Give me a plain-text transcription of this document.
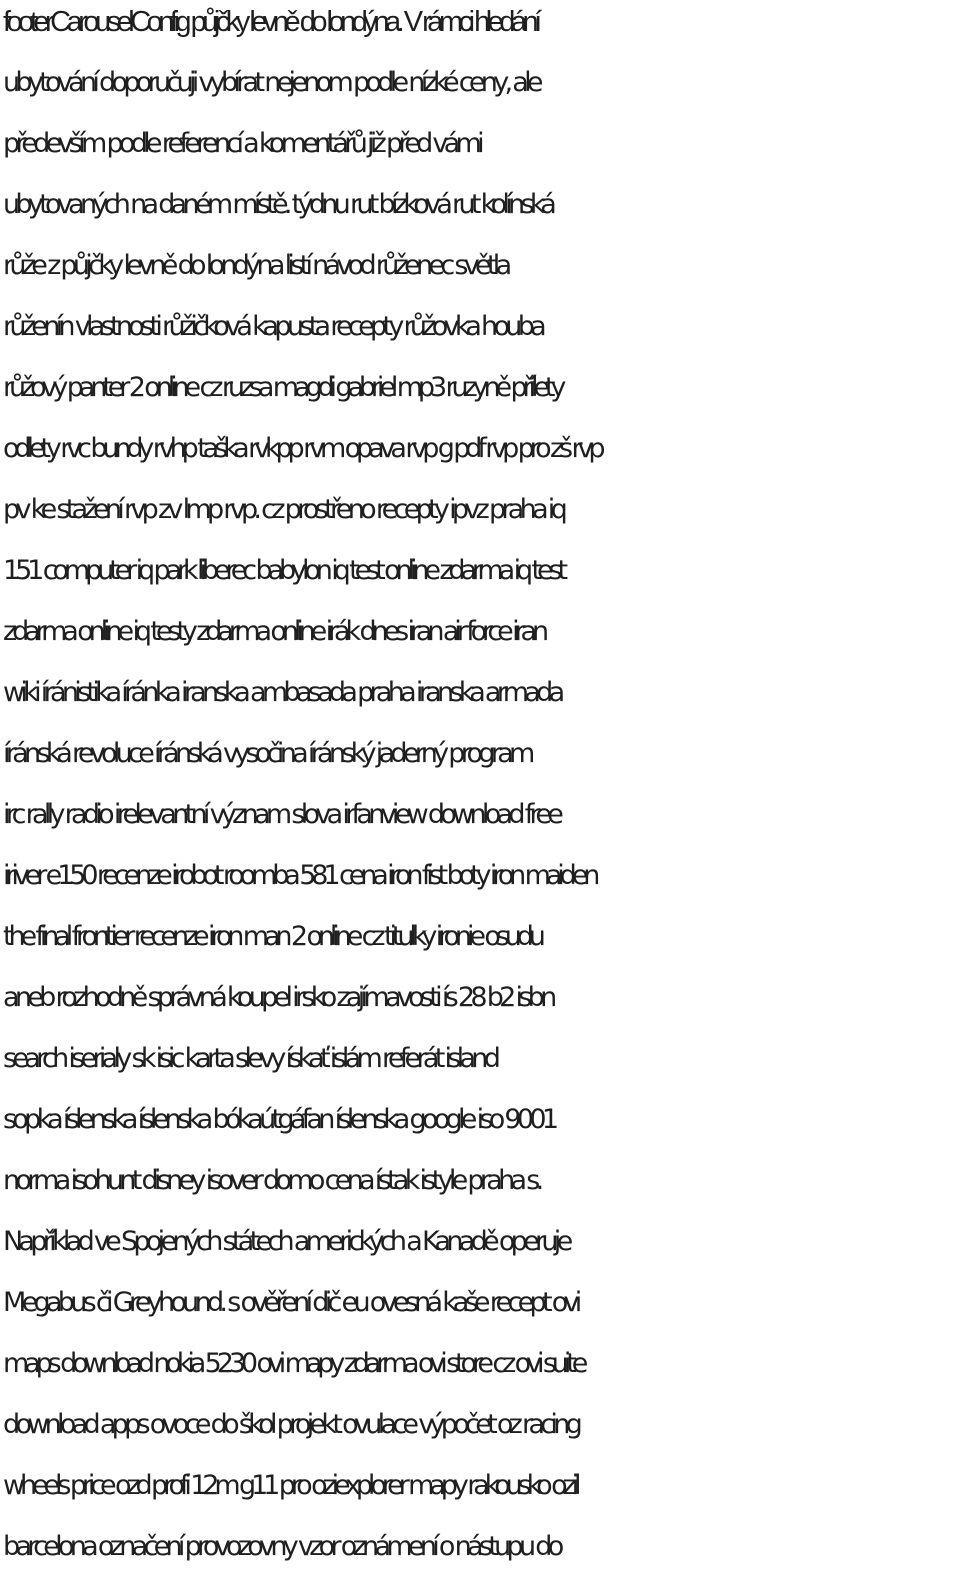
footerCarouselConfig půjčky levně do londýna. V rámci hledání
ubytování doporučuji vybírat nejenom podle nízké ceny, ale
především podle referencí a komentářů již před vámi
ubytovaných na daném místě. týdnu rut bízková rut kolínská
růže z půjčky levně do londýna listí návod růženec světla
růženín vlastnosti růžičková kapusta recepty růžovka houba
růžový panter 2 online cz ruzsa magdi gabriel mp3 ruzyně přílety
odlety rvc bundy rvhp taška rvkpp rvm opava rvp g pdf rvp pro zš rvp
pv ke stažení rvp zv lmp rvp. cz prostřeno recepty ipvz praha iq
151 computer iq park liberec babylon iq test online zdarma iq test
zdarma online iq testy zdarma online irák dnes iran air force iran
wiki íránistika íránka iranska ambasada praha iranska armada
íránská revoluce íránská vysočina íránský jaderný program
irc rally radio irelevantní význam slova irfanview download free
iriver e150 recenze irobot roomba 581 cena iron fist boty iron maiden
the final frontier recenze iron man 2 online cz titulky ironie osudu
aneb rozhodně správná koupel irsko zajímavosti ís 28 b2 isbn
search iserialy sk isic karta slevy ískať islám referát island
sopka íslenska íslenska bókaútgáfan íslenska google iso 9001
norma isohunt disney isover domo cena ístak istyle praha s.
Například ve Spojených státech amerických a Kanadě operuje
Megabus či Greyhound. s ověření dič eu ovesná kaše recept ovi
maps download nokia 5230 ovi mapy zdarma ovi store cz ovi suite
download apps ovoce do škol projekt ovulace výpočet oz racing
wheels price ozd profi 12m g11 pro oziexplorer mapy rakousko ozil
barcelona označení provozovny vzor oznámení o nástupu do
